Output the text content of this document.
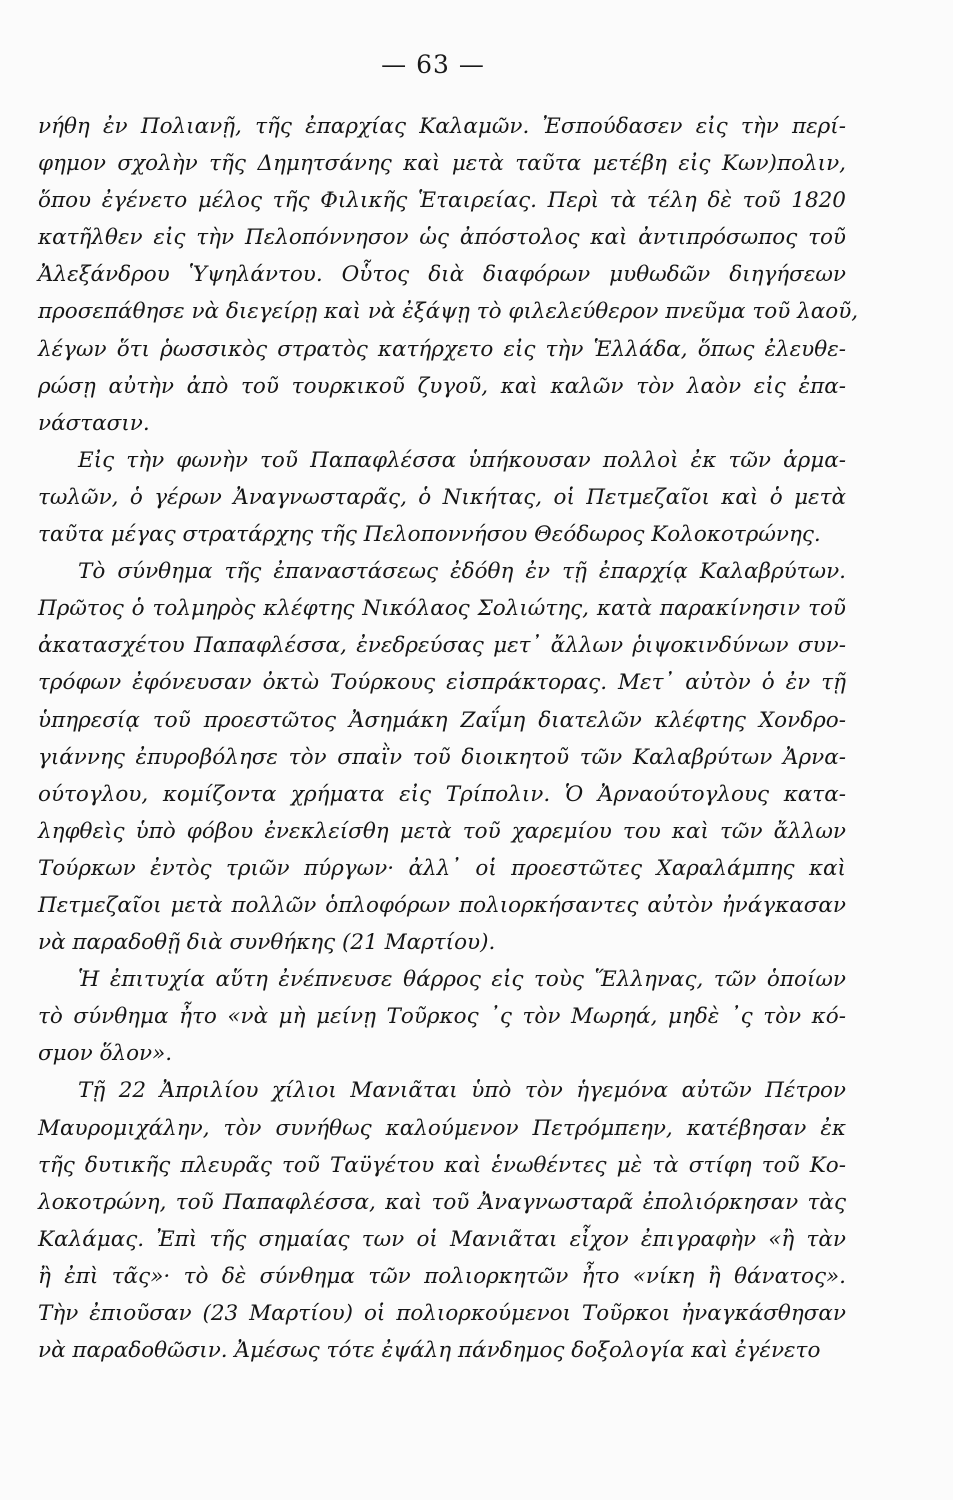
— 63 —
νήθη ἐν Πολιανῇ, τῆς ἐπαρχίας Καλαμῶν. Ἐσπούδασεν εἰς τὴν περί-
φημον σχολὴν τῆς Δημητσάνης καὶ μετὰ ταῦτα μετέβη εἰς Κων)πολιν,
ὅπου ἐγένετο μέλος τῆς Φιλικῆς Ἑταιρείας. Περὶ τὰ τέλη δὲ τοῦ 1820
κατῆλθεν εἰς τὴν Πελοπόννησον ὡς ἀπόστολος καὶ ἀντιπρόσωπος τοῦ
Ἀλεξάνδρου Ὑψηλάντου. Οὗτος διὰ διαφόρων μυθωδῶν διηγήσεων
προσεπάθησε νὰ διεγείρῃ καὶ νὰ ἐξάψῃ τὸ φιλελεύθερον πνεῦμα τοῦ λαοῦ,
λέγων ὅτι ῥωσσικὸς στρατὸς κατήρχετο εἰς τὴν Ἑλλάδα, ὅπως ἐλευθε-
ρώσῃ αὐτὴν ἀπὸ τοῦ τουρκικοῦ ζυγοῦ, καὶ καλῶν τὸν λαὸν εἰς ἐπα-
νάστασιν.
Εἰς τὴν φωνὴν τοῦ Παπαφλέσσα ὑπήκουσαν πολλοὶ ἐκ τῶν ἁρμα-
τωλῶν, ὁ γέρων Ἀναγνωσταρᾶς, ὁ Νικήτας, οἱ Πετμεζαῖοι καὶ ὁ μετὰ
ταῦτα μέγας στρατάρχης τῆς Πελοποννήσου Θεόδωρος Κολοκοτρώνης.
Τὸ σύνθημα τῆς ἐπαναστάσεως ἐδόθη ἐν τῇ ἐπαρχίᾳ Καλαβρύτων.
Πρῶτος ὁ τολμηρὸς κλέφτης Νικόλαος Σολιώτης, κατὰ παρακίνησιν τοῦ
ἀκατασχέτου Παπαφλέσσα, ἐνεδρεύσας μετ᾽ ἄλλων ῥιψοκινδύνων συν-
τρόφων ἐφόνευσαν ὀκτὼ Τούρκους εἰσπράκτορας. Μετ᾽ αὐτὸν ὁ ἐν τῇ
ὑπηρεσίᾳ τοῦ προεστῶτος Ἀσημάκη Ζαΐμη διατελῶν κλέφτης Χονδρο-
γιάννης ἐπυροβόλησε τὸν σπαῒν τοῦ διοικητοῦ τῶν Καλαβρύτων Ἀρνα-
ούτογλου, κομίζοντα χρήματα εἰς Τρίπολιν. Ὁ Ἀρναούτογλους κατα-
ληφθεὶς ὑπὸ φόβου ἐνεκλείσθη μετὰ τοῦ χαρεμίου του καὶ τῶν ἄλλων
Τούρκων ἐντὸς τριῶν πύργων· ἀλλ᾽ οἱ προεστῶτες Χαραλάμπης καὶ
Πετμεζαῖοι μετὰ πολλῶν ὁπλοφόρων πολιορκήσαντες αὐτὸν ἠνάγκασαν
νὰ παραδοθῇ διὰ συνθήκης (21 Μαρτίου).
Ἡ ἐπιτυχία αὕτη ἐνέπνευσε θάρρος εἰς τοὺς Ἕλληνας, τῶν ὁποίων
τὸ σύνθημα ἦτο «νὰ μὴ μείνῃ Τοῦρκος ᾽ς τὸν Μωρηά, μηδὲ ᾽ς τὸν κό-
σμον ὅλον».
Τῇ 22 Ἀπριλίου χίλιοι Μανιᾶται ὑπὸ τὸν ἡγεμόνα αὐτῶν Πέτρον
Μαυρομιχάλην, τὸν συνήθως καλούμενον Πετρόμπεην, κατέβησαν ἐκ
τῆς δυτικῆς πλευρᾶς τοῦ Ταϋγέτου καὶ ἑνωθέντες μὲ τὰ στίφη τοῦ Κο-
λοκοτρώνη, τοῦ Παπαφλέσσα, καὶ τοῦ Ἀναγνωσταρᾶ ἐπολιόρκησαν τὰς
Καλάμας. Ἐπὶ τῆς σημαίας των οἱ Μανιᾶται εἶχον ἐπιγραφὴν «ἢ τὰν
ἢ ἐπὶ τᾶς»· τὸ δὲ σύνθημα τῶν πολιορκητῶν ἦτο «νίκη ἢ θάνατος».
Τὴν ἐπιοῦσαν (23 Μαρτίου) οἱ πολιορκούμενοι Τοῦρκοι ἠναγκάσθησαν
νὰ παραδοθῶσιν. Ἀμέσως τότε ἐψάλη πάνδημος δοξολογία καὶ ἐγένετο
